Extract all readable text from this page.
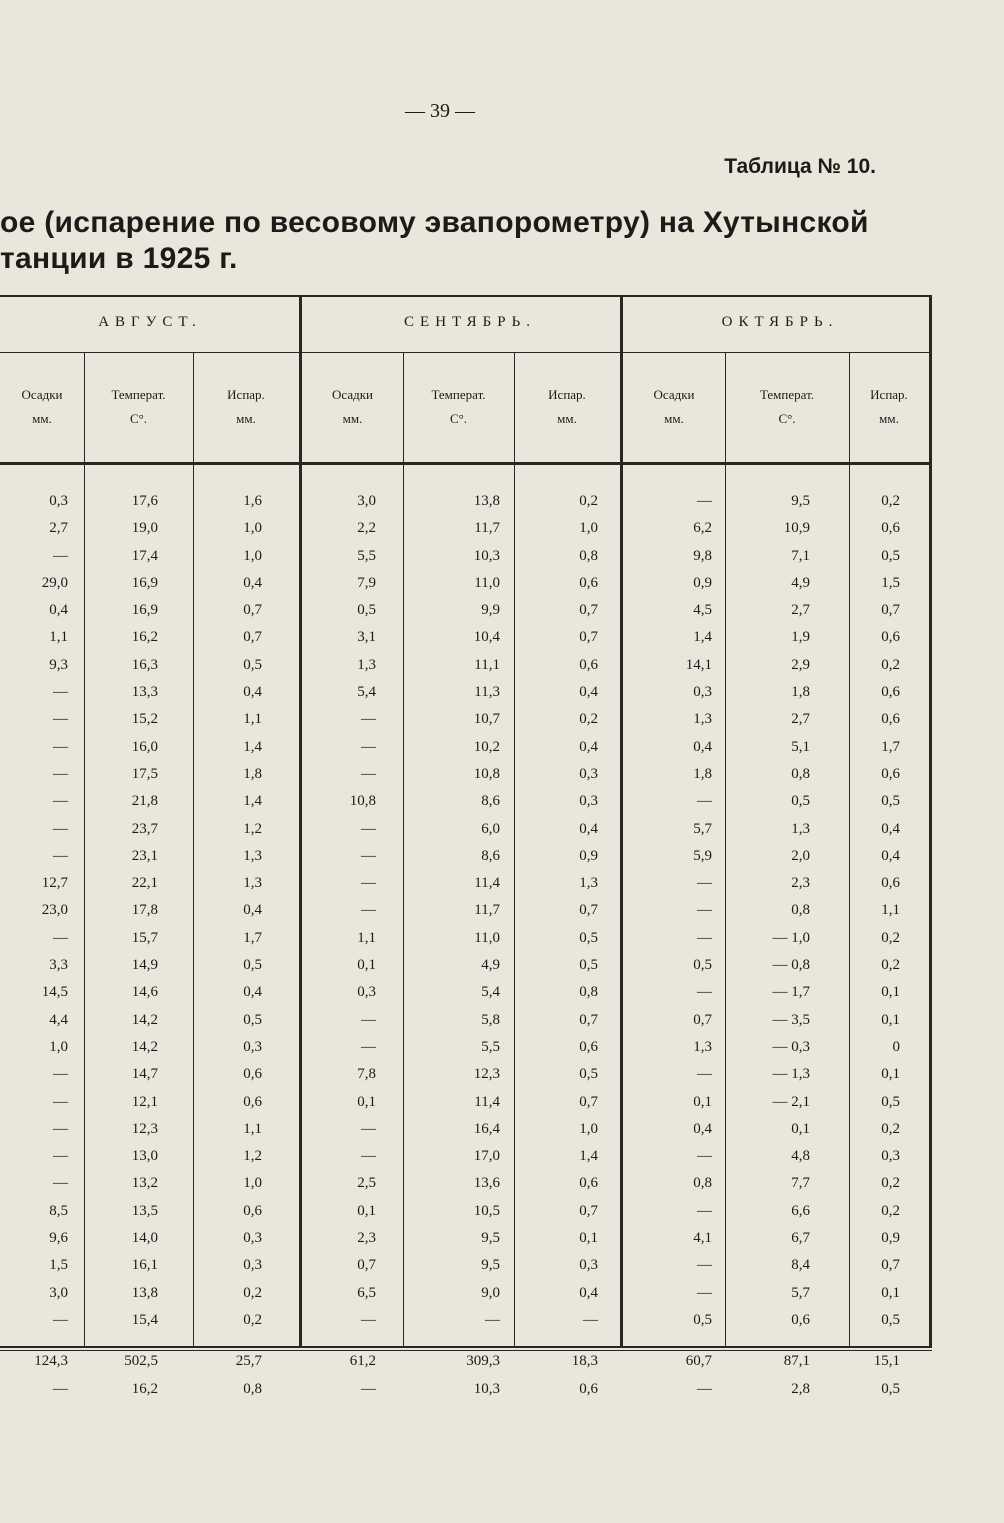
— 39 —
Таблица № 10.
ое (испарение по весовому эвапорометру) на Хутынской
танции в 1925 г.
АВГУСТ.	СЕНТЯБРЬ.	ОКТЯБРЬ.
Осадки
мм.
Температ.
C°.
Испар.
мм.
Осадки
мм.
Температ.
C°.
Испар.
мм.
Осадки
мм.
Температ.
C°.
Испар.
мм.
0,3	17,6	1,6	3,0	13,8	0,2	—	9,5	0,2
2,7	19,0	1,0	2,2	11,7	1,0	6,2	10,9	0,6
—	17,4	1,0	5,5	10,3	0,8	9,8	7,1	0,5
29,0	16,9	0,4	7,9	11,0	0,6	0,9	4,9	1,5
0,4	16,9	0,7	0,5	9,9	0,7	4,5	2,7	0,7
1,1	16,2	0,7	3,1	10,4	0,7	1,4	1,9	0,6
9,3	16,3	0,5	1,3	11,1	0,6	14,1	2,9	0,2
—	13,3	0,4	5,4	11,3	0,4	0,3	1,8	0,6
—	15,2	1,1	—	10,7	0,2	1,3	2,7	0,6
—	16,0	1,4	—	10,2	0,4	0,4	5,1	1,7
—	17,5	1,8	—	10,8	0,3	1,8	0,8	0,6
—	21,8	1,4	10,8	8,6	0,3	—	0,5	0,5
—	23,7	1,2	—	6,0	0,4	5,7	1,3	0,4
—	23,1	1,3	—	8,6	0,9	5,9	2,0	0,4
12,7	22,1	1,3	—	11,4	1,3	—	2,3	0,6
23,0	17,8	0,4	—	11,7	0,7	—	0,8	1,1
—	15,7	1,7	1,1	11,0	0,5	—	— 1,0	0,2
3,3	14,9	0,5	0,1	4,9	0,5	0,5	— 0,8	0,2
14,5	14,6	0,4	0,3	5,4	0,8	—	— 1,7	0,1
4,4	14,2	0,5	—	5,8	0,7	0,7	— 3,5	0,1
1,0	14,2	0,3	—	5,5	0,6	1,3	— 0,3	0
—	14,7	0,6	7,8	12,3	0,5	—	— 1,3	0,1
—	12,1	0,6	0,1	11,4	0,7	0,1	— 2,1	0,5
—	12,3	1,1	—	16,4	1,0	0,4	0,1	0,2
—	13,0	1,2	—	17,0	1,4	—	4,8	0,3
—	13,2	1,0	2,5	13,6	0,6	0,8	7,7	0,2
8,5	13,5	0,6	0,1	10,5	0,7	—	6,6	0,2
9,6	14,0	0,3	2,3	9,5	0,1	4,1	6,7	0,9
1,5	16,1	0,3	0,7	9,5	0,3	—	8,4	0,7
3,0	13,8	0,2	6,5	9,0	0,4	—	5,7	0,1
—	15,4	0,2	—	—	—	0,5	0,6	0,5
124,3	502,5	25,7	61,2	309,3	18,3	60,7	87,1	15,1
—	16,2	0,8	—	10,3	0,6	—	2,8	0,5
